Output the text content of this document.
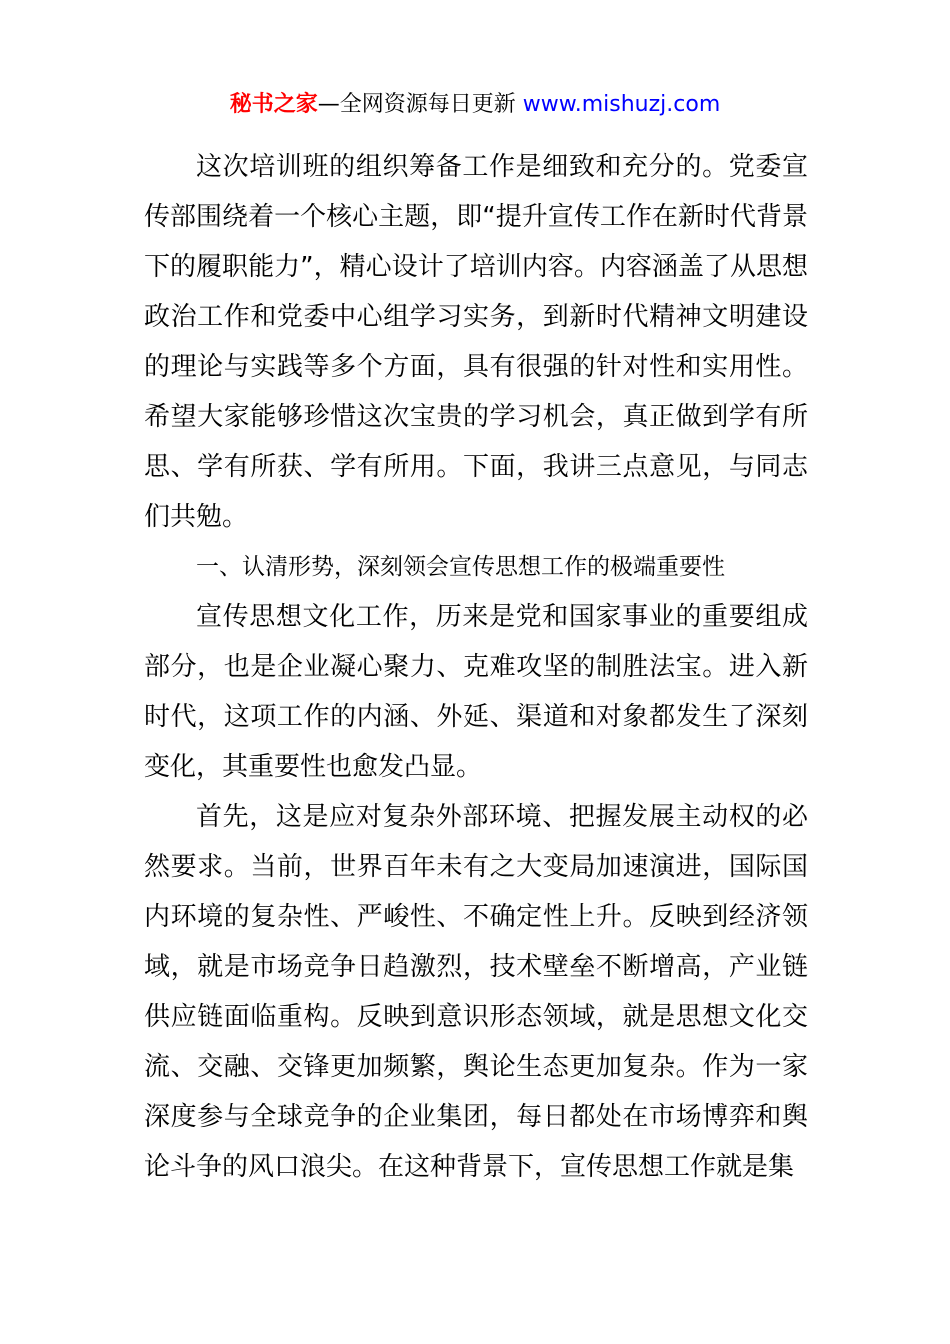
秘书之家—全网资源每日更新 www.mishuzj.com

这次培训班的组织筹备工作是细致和充分的。党委宣传部围绕着一个核心主题，即“提升宣传工作在新时代背景下的履职能力”，精心设计了培训内容。内容涵盖了从思想政治工作和党委中心组学习实务，到新时代精神文明建设的理论与实践等多个方面，具有很强的针对性和实用性。希望大家能够珍惜这次宝贵的学习机会，真正做到学有所思、学有所获、学有所用。下面，我讲三点意见，与同志们共勉。

一、认清形势，深刻领会宣传思想工作的极端重要性

宣传思想文化工作，历来是党和国家事业的重要组成部分，也是企业凝心聚力、克难攻坚的制胜法宝。进入新时代，这项工作的内涵、外延、渠道和对象都发生了深刻变化，其重要性也愈发凸显。

首先，这是应对复杂外部环境、把握发展主动权的必然要求。当前，世界百年未有之大变局加速演进，国际国内环境的复杂性、严峻性、不确定性上升。反映到经济领域，就是市场竞争日趋激烈，技术壁垒不断增高，产业链供应链面临重构。反映到意识形态领域，就是思想文化交流、交融、交锋更加频繁，舆论生态更加复杂。作为一家深度参与全球竞争的企业集团，每日都处在市场博弈和舆论斗争的风口浪尖。在这种背景下，宣传思想工作就是集
